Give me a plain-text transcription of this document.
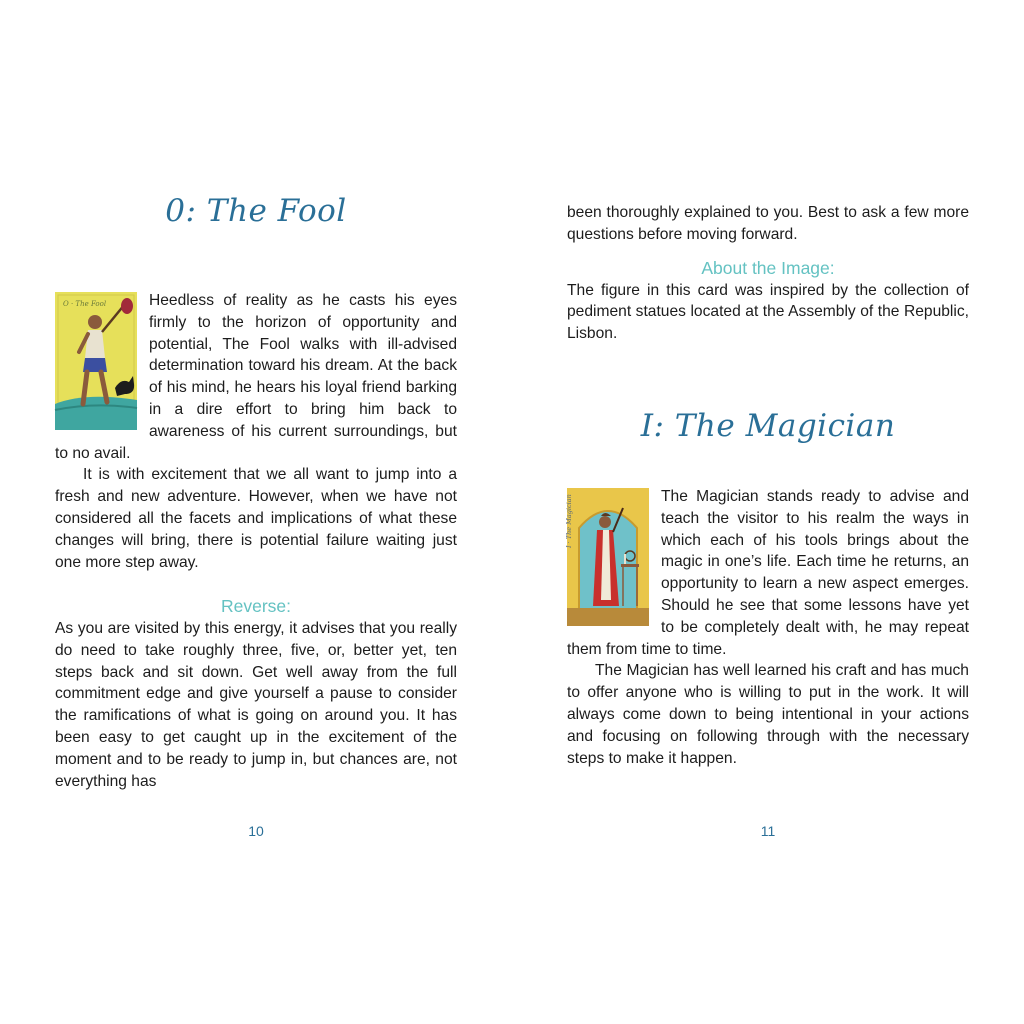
0: The Fool
O · The Fool	Heedless of reality as he casts his eyes firmly to the horizon of opportunity and potential, The Fool walks with ill-advised determination toward his dream. At the back of his mind, he hears his loyal friend barking in a dire effort to bring him back to awareness of his current surroundings, but to no avail.

It is with excitement that we all want to jump into a fresh and new adventure. However, when we have not considered all the facets and implications of what these changes will bring, there is potential failure waiting just one more step away.

Reverse:

As you are visited by this energy, it advises that you really do need to take roughly three, five, or, better yet, ten steps back and sit down. Get well away from the full commitment edge and give yourself a pause to consider the ramifications of what is going on around you. It has been easy to get caught up in the excitement of the moment and to be ready to jump in, but chances are, not everything has

10

been thoroughly explained to you. Best to ask a few more questions before moving forward.

About the Image:

The figure in this card was inspired by the collection of pediment statues located at the Assembly of the Republic, Lisbon.

I: The Magician
I · The Magician	The Magician stands ready to advise and teach the visitor to his realm the ways in which each of his tools brings about the magic in one’s life. Each time he returns, an opportunity to learn a new aspect emerges. Should he see that some lessons have yet to be completely dealt with, he may repeat them from time to time.

The Magician has well learned his craft and has much to offer anyone who is willing to put in the work. It will always come down to being intentional in your actions and focusing on following through with the necessary steps to make it happen.

11
